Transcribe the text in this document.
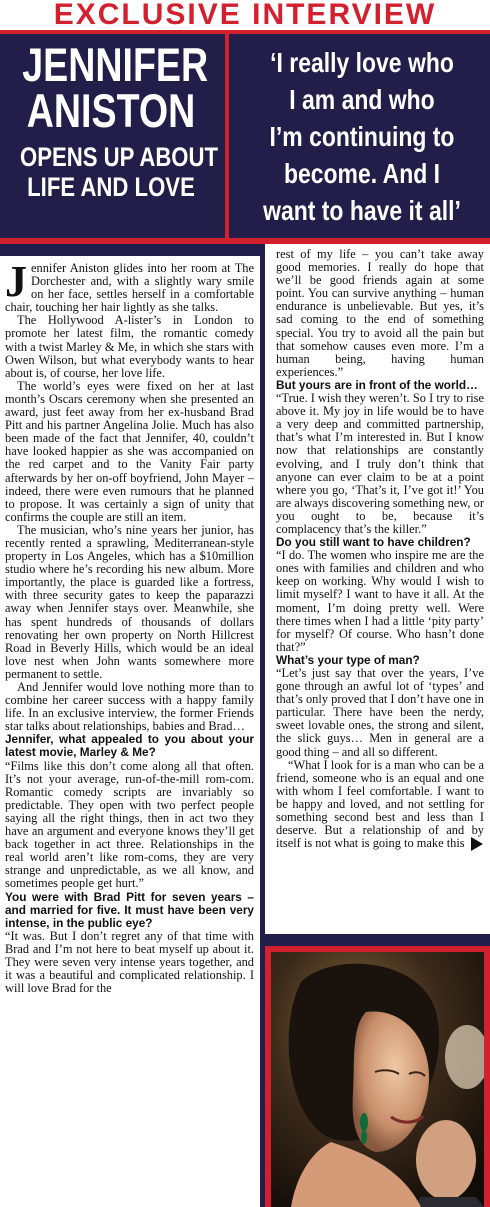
EXCLUSIVE INTERVIEW
JENNIFER
ANISTON
OPENS UP ABOUT
LIFE AND LOVE
‘I really love who
I am and who
I’m continuing to
become. And I
want to have it all’

Jennifer Aniston glides into her room at The Dorchester and, with a slightly wary smile on her face, settles herself in a comfortable chair, touching her hair lightly as she talks.

The Hollywood A-lister’s in London to promote her latest film, the romantic comedy with a twist Marley & Me, in which she stars with Owen Wilson, but what everybody wants to hear about is, of course, her love life.

The world’s eyes were fixed on her at last month’s Oscars ceremony when she presented an award, just feet away from her ex-husband Brad Pitt and his partner Angelina Jolie. Much has also been made of the fact that Jennifer, 40, couldn’t have looked happier as she was accompanied on the red carpet and to the Vanity Fair party afterwards by her on-off boyfriend, John Mayer – indeed, there were even rumours that he planned to propose. It was certainly a sign of unity that confirms the couple are still an item.

The musician, who’s nine years her junior, has recently rented a sprawling, Mediterranean-style property in Los Angeles, which has a $10million studio where he’s recording his new album. More importantly, the place is guarded like a fortress, with three security gates to keep the paparazzi away when Jennifer stays over. Meanwhile, she has spent hundreds of thousands of dollars renovating her own property on North Hillcrest Road in Beverly Hills, which would be an ideal love nest when John wants somewhere more permanent to settle.

And Jennifer would love nothing more than to combine her career success with a happy family life. In an exclusive interview, the former Friends star talks about relationships, babies and Brad…

Jennifer, what appealed to you about your latest movie, Marley & Me?

“Films like this don’t come along all that often. It’s not your average, run-of-the-mill rom-com. Romantic comedy scripts are invariably so predictable. They open with two perfect people saying all the right things, then in act two they have an argument and everyone knows they’ll get back together in act three. Relationships in the real world aren’t like rom-coms, they are very strange and unpredictable, as we all know, and sometimes people get hurt.”

You were with Brad Pitt for seven years – and married for five. It must have been very intense, in the public eye?

“It was. But I don’t regret any of that time with Brad and I’m not here to beat myself up about it. They were seven very intense years together, and it was a beautiful and complicated relationship. I will love Brad for the

rest of my life – you can’t take away good memories. I really do hope that we’ll be good friends again at some point. You can survive anything – human endurance is unbelievable. But yes, it’s sad coming to the end of something special. You try to avoid all the pain but that somehow causes even more. I’m a human being, having human experiences.”

But yours are in front of the world…

“True. I wish they weren’t. So I try to rise above it. My joy in life would be to have a very deep and committed partnership, that’s what I’m interested in. But I know now that relationships are constantly evolving, and I truly don’t think that anyone can ever claim to be at a point where you go, ‘That’s it, I’ve got it!’ You are always discovering something new, or you ought to be, because it’s complacency that’s the killer.”

Do you still want to have children?

“I do. The women who inspire me are the ones with families and children and who keep on working. Why would I wish to limit myself? I want to have it all. At the moment, I’m doing pretty well. Were there times when I had a little ‘pity party’ for myself? Of course. Who hasn’t done that?”

What’s your type of man?

“Let’s just say that over the years, I’ve gone through an awful lot of ‘types’ and that’s only proved that I don’t have one in particular. There have been the nerdy, sweet lovable ones, the strong and silent, the slick guys… Men in general are a good thing – and all so different.

“What I look for is a man who can be a friend, someone who is an equal and one with whom I feel comfortable. I want to be happy and loved, and not settling for something second best and less than I deserve. But a relationship of and by itself is not what is going to make this
